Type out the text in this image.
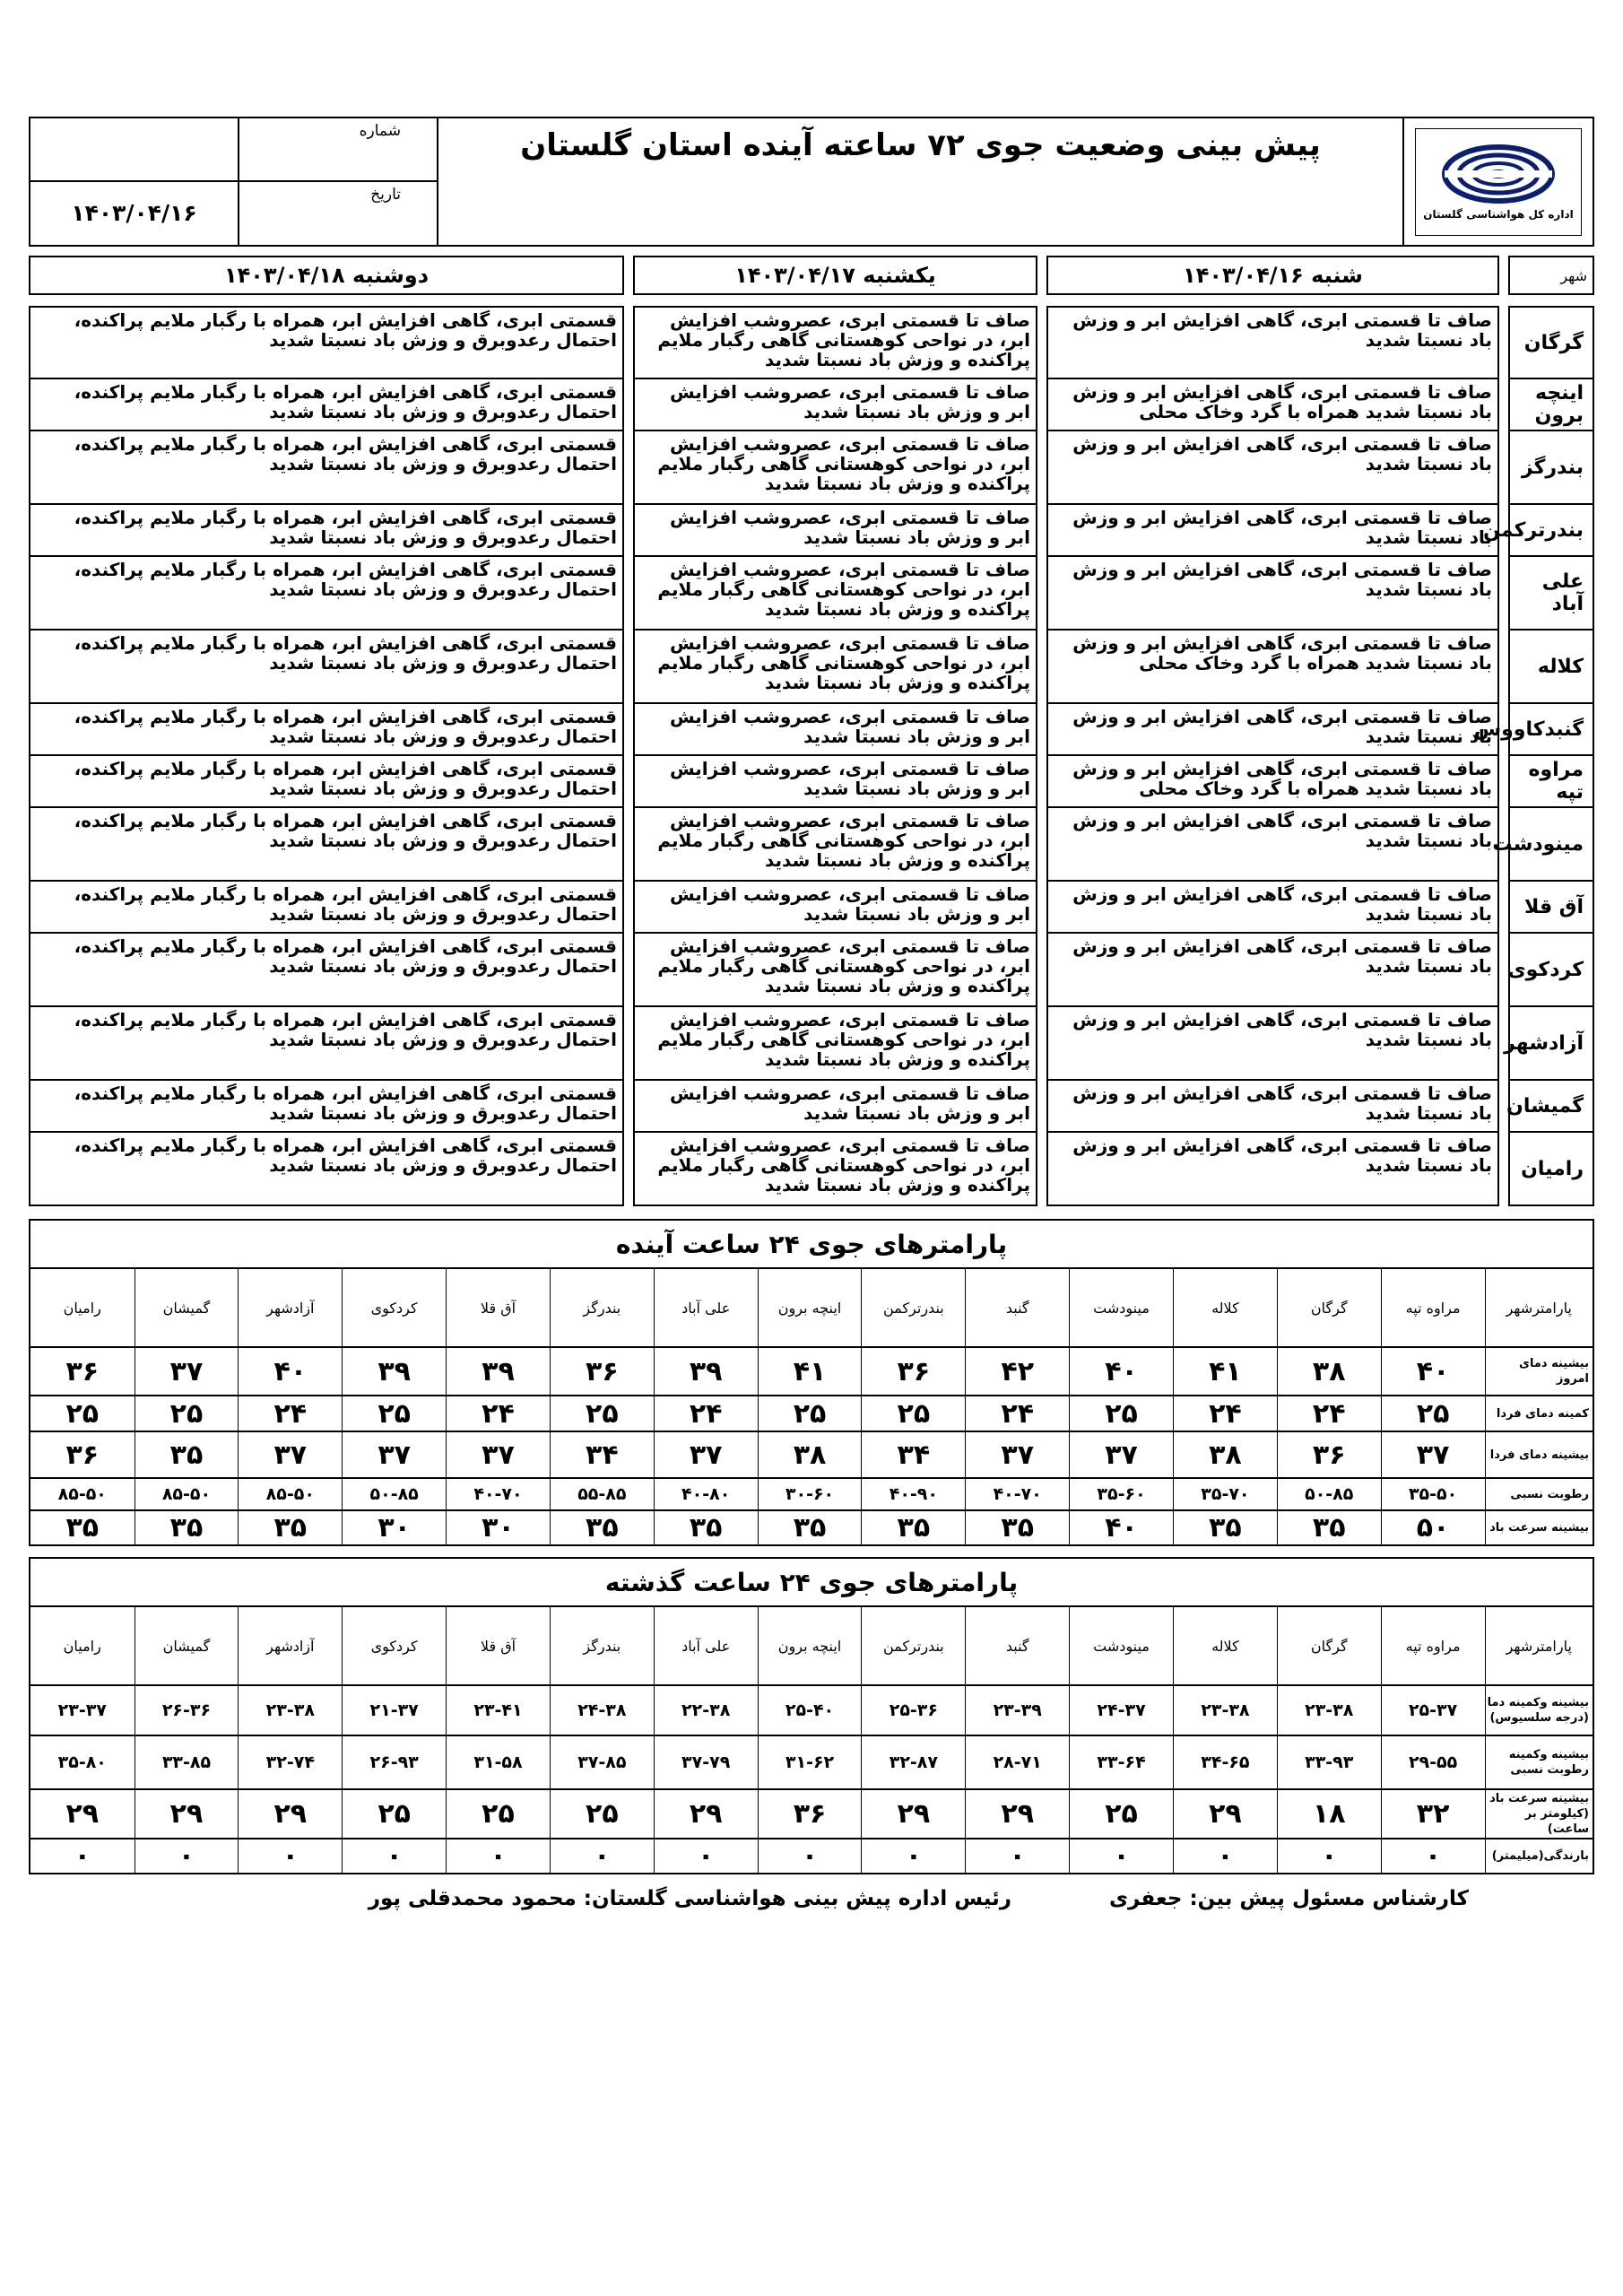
اداره کل هواشناسی گلستان
پیش بینی وضعیت جوی ۷۲ ساعته آینده استان گلستان
شماره
تاریخ
۱۴۰۳/۰۴/۱۶
شهر		شنبه ۱۴۰۳/۰۴/۱۶		یکشنبه ۱۴۰۳/۰۴/۱۷		دوشنبه ۱۴۰۳/۰۴/۱۸

گرگان		صاف تا قسمتی ابری، گاهی افزایش ابر و وزش باد نسبتا شدید		صاف تا قسمتی ابری، عصروشب افزایش ابر، در نواحی کوهستانی گاهی رگبار ملایم پراکنده و وزش باد نسبتا شدید		قسمتی ابری، گاهی افزایش ابر، همراه با رگبار ملایم پراکنده، احتمال رعدوبرق و وزش باد نسبتا شدید
اینچه برون		صاف تا قسمتی ابری، گاهی افزایش ابر و وزش باد نسبتا شدید همراه با گرد وخاک محلی		صاف تا قسمتی ابری، عصروشب افزایش ابر و وزش باد نسبتا شدید		قسمتی ابری، گاهی افزایش ابر، همراه با رگبار ملایم پراکنده، احتمال رعدوبرق و وزش باد نسبتا شدید
بندرگز		صاف تا قسمتی ابری، گاهی افزایش ابر و وزش باد نسبتا شدید		صاف تا قسمتی ابری، عصروشب افزایش ابر، در نواحی کوهستانی گاهی رگبار ملایم پراکنده و وزش باد نسبتا شدید		قسمتی ابری، گاهی افزایش ابر، همراه با رگبار ملایم پراکنده، احتمال رعدوبرق و وزش باد نسبتا شدید
بندرترکمن		صاف تا قسمتی ابری، گاهی افزایش ابر و وزش باد نسبتا شدید		صاف تا قسمتی ابری، عصروشب افزایش ابر و وزش باد نسبتا شدید		قسمتی ابری، گاهی افزایش ابر، همراه با رگبار ملایم پراکنده، احتمال رعدوبرق و وزش باد نسبتا شدید
علی آباد		صاف تا قسمتی ابری، گاهی افزایش ابر و وزش باد نسبتا شدید		صاف تا قسمتی ابری، عصروشب افزایش ابر، در نواحی کوهستانی گاهی رگبار ملایم پراکنده و وزش باد نسبتا شدید		قسمتی ابری، گاهی افزایش ابر، همراه با رگبار ملایم پراکنده، احتمال رعدوبرق و وزش باد نسبتا شدید
کلاله		صاف تا قسمتی ابری، گاهی افزایش ابر و وزش باد نسبتا شدید همراه با گرد وخاک محلی		صاف تا قسمتی ابری، عصروشب افزایش ابر، در نواحی کوهستانی گاهی رگبار ملایم پراکنده و وزش باد نسبتا شدید		قسمتی ابری، گاهی افزایش ابر، همراه با رگبار ملایم پراکنده، احتمال رعدوبرق و وزش باد نسبتا شدید
گنبدکاووس		صاف تا قسمتی ابری، گاهی افزایش ابر و وزش باد نسبتا شدید		صاف تا قسمتی ابری، عصروشب افزایش ابر و وزش باد نسبتا شدید		قسمتی ابری، گاهی افزایش ابر، همراه با رگبار ملایم پراکنده، احتمال رعدوبرق و وزش باد نسبتا شدید
مراوه تپه		صاف تا قسمتی ابری، گاهی افزایش ابر و وزش باد نسبتا شدید همراه با گرد وخاک محلی		صاف تا قسمتی ابری، عصروشب افزایش ابر و وزش باد نسبتا شدید		قسمتی ابری، گاهی افزایش ابر، همراه با رگبار ملایم پراکنده، احتمال رعدوبرق و وزش باد نسبتا شدید
مینودشت		صاف تا قسمتی ابری، گاهی افزایش ابر و وزش باد نسبتا شدید		صاف تا قسمتی ابری، عصروشب افزایش ابر، در نواحی کوهستانی گاهی رگبار ملایم پراکنده و وزش باد نسبتا شدید		قسمتی ابری، گاهی افزایش ابر، همراه با رگبار ملایم پراکنده، احتمال رعدوبرق و وزش باد نسبتا شدید
آق قلا		صاف تا قسمتی ابری، گاهی افزایش ابر و وزش باد نسبتا شدید		صاف تا قسمتی ابری، عصروشب افزایش ابر و وزش باد نسبتا شدید		قسمتی ابری، گاهی افزایش ابر، همراه با رگبار ملایم پراکنده، احتمال رعدوبرق و وزش باد نسبتا شدید
کردکوی		صاف تا قسمتی ابری، گاهی افزایش ابر و وزش باد نسبتا شدید		صاف تا قسمتی ابری، عصروشب افزایش ابر، در نواحی کوهستانی گاهی رگبار ملایم پراکنده و وزش باد نسبتا شدید		قسمتی ابری، گاهی افزایش ابر، همراه با رگبار ملایم پراکنده، احتمال رعدوبرق و وزش باد نسبتا شدید
آزادشهر		صاف تا قسمتی ابری، گاهی افزایش ابر و وزش باد نسبتا شدید		صاف تا قسمتی ابری، عصروشب افزایش ابر، در نواحی کوهستانی گاهی رگبار ملایم پراکنده و وزش باد نسبتا شدید		قسمتی ابری، گاهی افزایش ابر، همراه با رگبار ملایم پراکنده، احتمال رعدوبرق و وزش باد نسبتا شدید
گمیشان		صاف تا قسمتی ابری، گاهی افزایش ابر و وزش باد نسبتا شدید		صاف تا قسمتی ابری، عصروشب افزایش ابر و وزش باد نسبتا شدید		قسمتی ابری، گاهی افزایش ابر، همراه با رگبار ملایم پراکنده، احتمال رعدوبرق و وزش باد نسبتا شدید
رامیان		صاف تا قسمتی ابری، گاهی افزایش ابر و وزش باد نسبتا شدید		صاف تا قسمتی ابری، عصروشب افزایش ابر، در نواحی کوهستانی گاهی رگبار ملایم پراکنده و وزش باد نسبتا شدید		قسمتی ابری، گاهی افزایش ابر، همراه با رگبار ملایم پراکنده، احتمال رعدوبرق و وزش باد نسبتا شدید
پارامترهای جوی ۲۴ ساعت آینده
پارامترشهر	مراوه تپه	گرگان	کلاله	مینودشت	گنبد	بندرترکمن	اینچه برون	علی آباد	بندرگز	آق قلا	کردکوی	آزادشهر	گمیشان	رامیان
بیشینه دمای امروز	۴۰	۳۸	۴۱	۴۰	۴۲	۳۶	۴۱	۳۹	۳۶	۳۹	۳۹	۴۰	۳۷	۳۶
کمینه دمای فردا	۲۵	۲۴	۲۴	۲۵	۲۴	۲۵	۲۵	۲۴	۲۵	۲۴	۲۵	۲۴	۲۵	۲۵
بیشینه دمای فردا	۳۷	۳۶	۳۸	۳۷	۳۷	۳۴	۳۸	۳۷	۳۴	۳۷	۳۷	۳۷	۳۵	۳۶
رطوبت نسبی	۳۵-۵۰	۵۰-۸۵	۳۵-۷۰	۳۵-۶۰	۴۰-۷۰	۴۰-۹۰	۳۰-۶۰	۴۰-۸۰	۵۵-۸۵	۴۰-۷۰	۵۰-۸۵	۸۵-۵۰	۸۵-۵۰	۸۵-۵۰
بیشینه سرعت باد	۵۰	۳۵	۳۵	۴۰	۳۵	۳۵	۳۵	۳۵	۳۵	۳۰	۳۰	۳۵	۳۵	۳۵
پارامترهای جوی ۲۴ ساعت گذشته
پارامترشهر	مراوه تپه	گرگان	کلاله	مینودشت	گنبد	بندرترکمن	اینچه برون	علی آباد	بندرگز	آق قلا	کردکوی	آزادشهر	گمیشان	رامیان
بیشینه وکمینه دما (درجه سلسیوس)	۲۵-۳۷	۲۳-۳۸	۲۳-۳۸	۲۴-۳۷	۲۳-۳۹	۲۵-۳۶	۲۵-۴۰	۲۲-۳۸	۲۴-۳۸	۲۳-۴۱	۲۱-۳۷	۲۳-۳۸	۲۶-۳۶	۲۳-۳۷
بیشینه وکمینه رطوبت نسبی	۲۹-۵۵	۳۳-۹۳	۳۴-۶۵	۳۳-۶۴	۲۸-۷۱	۳۲-۸۷	۳۱-۶۲	۳۷-۷۹	۳۷-۸۵	۳۱-۵۸	۲۶-۹۳	۳۲-۷۴	۳۳-۸۵	۳۵-۸۰
بیشینه سرعت باد (کیلومتر بر ساعت)	۳۲	۱۸	۲۹	۲۵	۲۹	۲۹	۳۶	۲۹	۲۵	۲۵	۲۵	۲۹	۲۹	۲۹
بارندگی(میلیمتر)	۰	۰	۰	۰	۰	۰	۰	۰	۰	۰	۰	۰	۰	۰
کارشناس مسئول پیش بین: جعفری
رئیس اداره پیش بینی هواشناسی گلستان: محمود محمدقلی پور
